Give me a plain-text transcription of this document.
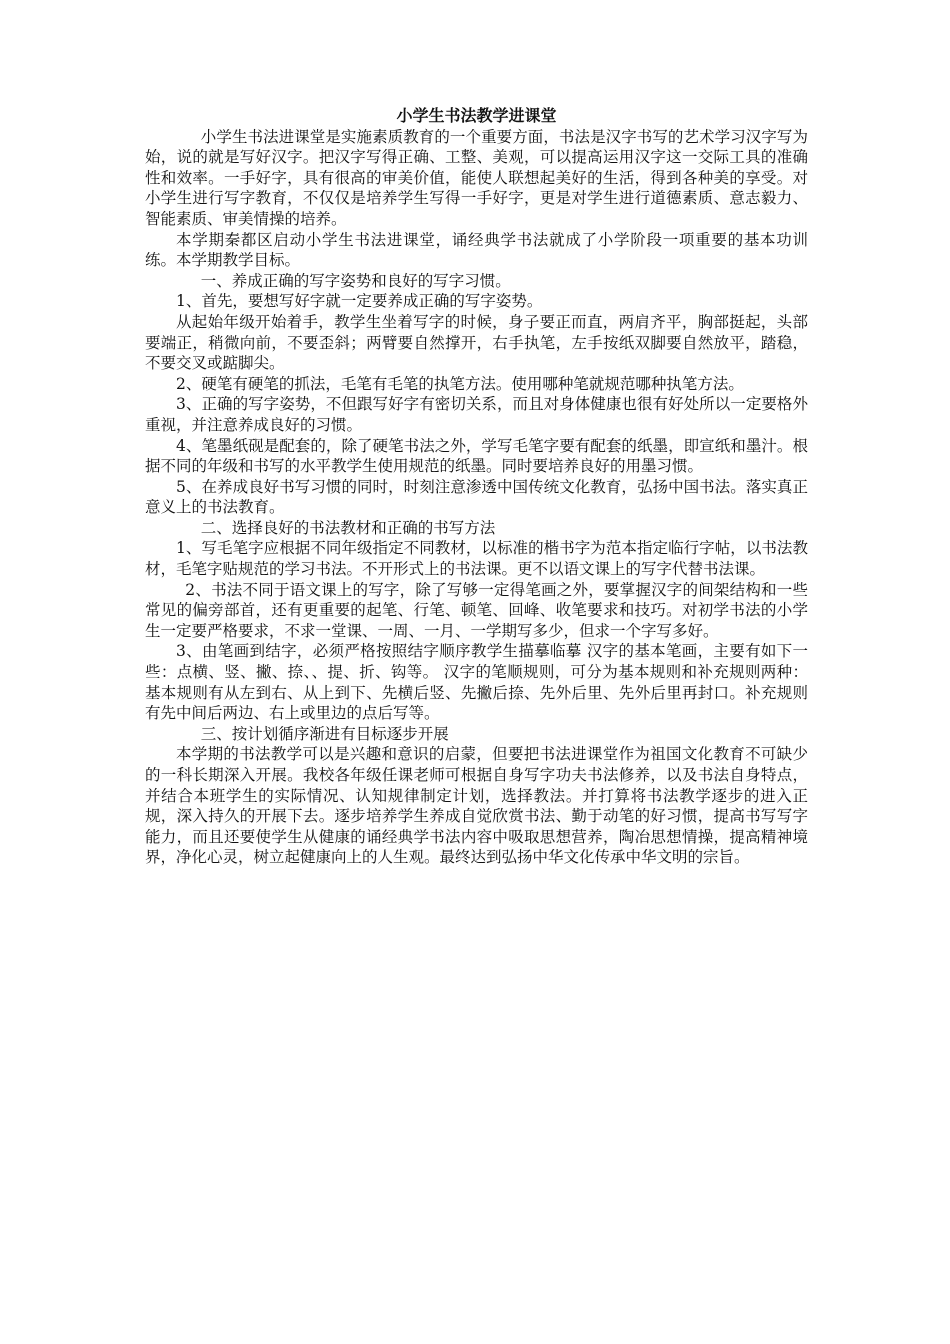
小学生书法教学进课堂

小学生书法进课堂是实施素质教育的一个重要方面，书法是汉字书写的艺术学习汉字写为始，说的就是写好汉字。把汉字写得正确、工整、美观，可以提高运用汉字这一交际工具的准确性和效率。一手好字，具有很高的审美价值，能使人联想起美好的生活，得到各种美的享受。对小学生进行写字教育，不仅仅是培养学生写得一手好字，更是对学生进行道德素质、意志毅力、智能素质、审美情操的培养。

本学期秦都区启动小学生书法进课堂，诵经典学书法就成了小学阶段一项重要的基本功训练。本学期教学目标。

一、养成正确的写字姿势和良好的写字习惯。

1、首先，要想写好字就一定要养成正确的写字姿势。

从起始年级开始着手，教学生坐着写字的时候，身子要正而直，两肩齐平，胸部挺起，头部要端正，稍微向前，不要歪斜；两臂要自然撑开，右手执笔，左手按纸双脚要自然放平，踏稳，不要交叉或踮脚尖。

2、硬笔有硬笔的抓法，毛笔有毛笔的执笔方法。使用哪种笔就规范哪种执笔方法。

3、正确的写字姿势，不但跟写好字有密切关系，而且对身体健康也很有好处所以一定要格外重视，并注意养成良好的习惯。

4、笔墨纸砚是配套的，除了硬笔书法之外，学写毛笔字要有配套的纸墨，即宣纸和墨汁。根据不同的年级和书写的水平教学生使用规范的纸墨。同时要培养良好的用墨习惯。

5、在养成良好书写习惯的同时，时刻注意渗透中国传统文化教育，弘扬中国书法。落实真正意义上的书法教育。

二、选择良好的书法教材和正确的书写方法

1、写毛笔字应根据不同年级指定不同教材，以标准的楷书字为范本指定临行字帖，以书法教材，毛笔字贴规范的学习书法。不开形式上的书法课。更不以语文课上的写字代替书法课。

2、书法不同于语文课上的写字，除了写够一定得笔画之外，要掌握汉字的间架结构和一些常见的偏旁部首，还有更重要的起笔、行笔、顿笔、回峰、收笔要求和技巧。对初学书法的小学生一定要严格要求，不求一堂课、一周、一月、一学期写多少，但求一个字写多好。

3、由笔画到结字，必须严格按照结字顺序教学生描摹临摹 汉字的基本笔画，主要有如下一些：点横、竖、撇、捺、、提、折、钩等。 汉字的笔顺规则，可分为基本规则和补充规则两种： 基本规则有从左到右、从上到下、先横后竖、先撇后捺、先外后里、先外后里再封口。补充规则有先中间后两边、右上或里边的点后写等。

三、按计划循序渐进有目标逐步开展

本学期的书法教学可以是兴趣和意识的启蒙，但要把书法进课堂作为祖国文化教育不可缺少的一科长期深入开展。我校各年级任课老师可根据自身写字功夫书法修养，以及书法自身特点，并结合本班学生的实际情况、认知规律制定计划，选择教法。并打算将书法教学逐步的进入正规，深入持久的开展下去。逐步培养学生养成自觉欣赏书法、勤于动笔的好习惯，提高书写写字能力，而且还要使学生从健康的诵经典学书法内容中吸取思想营养，陶冶思想情操，提高精神境界，净化心灵，树立起健康向上的人生观。最终达到弘扬中华文化传承中华文明的宗旨。
